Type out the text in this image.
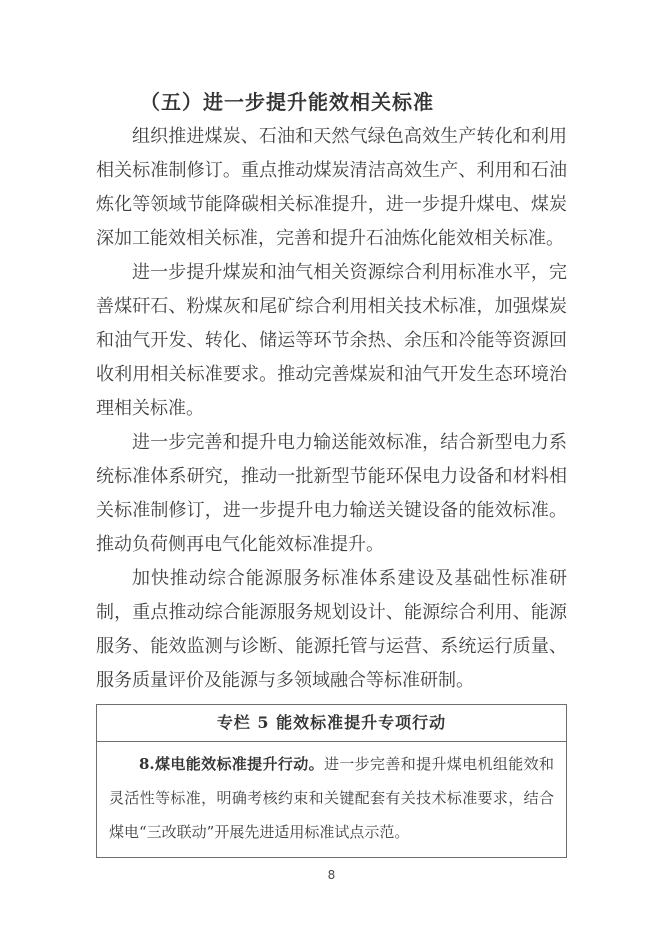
（五）进一步提升能效相关标准

组织推进煤炭、石油和天然气绿色高效生产转化和利用相关标准制修订。重点推动煤炭清洁高效生产、利用和石油炼化等领域节能降碳相关标准提升，进一步提升煤电、煤炭深加工能效相关标准，完善和提升石油炼化能效相关标准。

进一步提升煤炭和油气相关资源综合利用标准水平，完善煤矸石、粉煤灰和尾矿综合利用相关技术标准，加强煤炭和油气开发、转化、储运等环节余热、余压和冷能等资源回收利用相关标准要求。推动完善煤炭和油气开发生态环境治理相关标准。

进一步完善和提升电力输送能效标准，结合新型电力系统标准体系研究，推动一批新型节能环保电力设备和材料相关标准制修订，进一步提升电力输送关键设备的能效标准。推动负荷侧再电气化能效标准提升。

加快推动综合能源服务标准体系建设及基础性标准研制，重点推动综合能源服务规划设计、能源综合利用、能源服务、能效监测与诊断、能源托管与运营、系统运行质量、服务质量评价及能源与多领域融合等标准研制。

专栏 5 能效标准提升专项行动
8.煤电能效标准提升行动。进一步完善和提升煤电机组能效和灵活性等标准，明确考核约束和关键配套有关技术标准要求，结合煤电“三改联动”开展先进适用标准试点示范。
8
